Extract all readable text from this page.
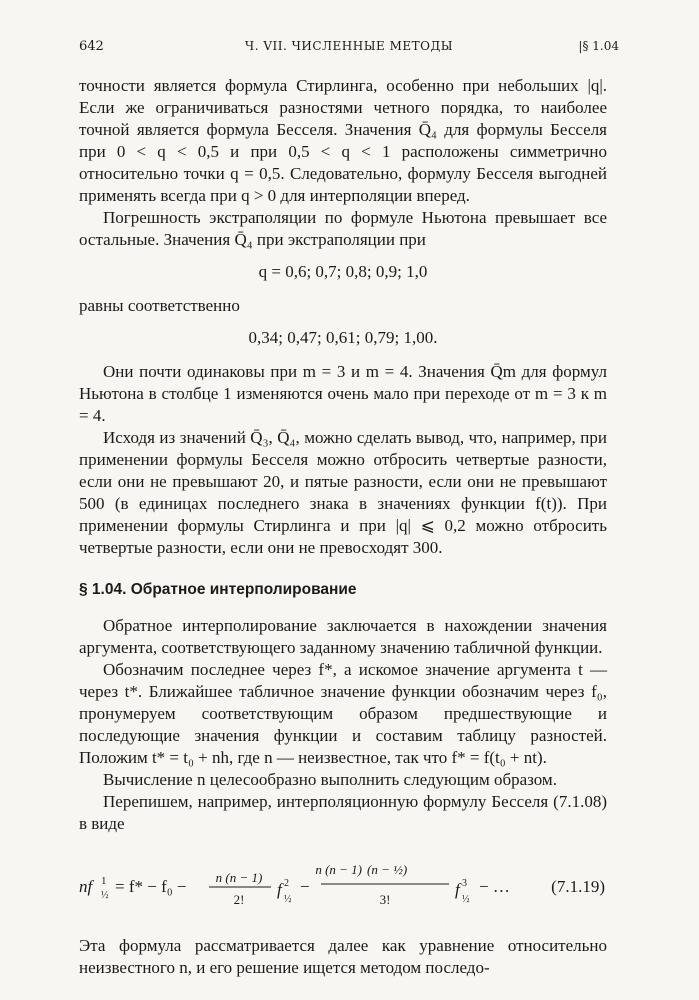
642	Ч. VII. ЧИСЛЕННЫЕ МЕТОДЫ	|§ 1.04

точности является формула Стирлинга, особенно при небольших |q|. Если же ограничиваться разностями четного порядка, то наиболее точной является формула Бесселя. Значения Q̄₄ для формулы Бесселя при 0 < q < 0,5 и при 0,5 < q < 1 расположены симметрично относительно точки q = 0,5. Следовательно, формулу Бесселя выгодней применять всегда при q > 0 для интерполяции вперед.

Погрешность экстраполяции по формуле Ньютона превышает все остальные. Значения Q̄₄ при экстраполяции при

q = 0,6; 0,7; 0,8; 0,9; 1,0

равны соответственно

0,34; 0,47; 0,61; 0,79; 1,00.

Они почти одинаковы при m = 3 и m = 4. Значения Q̄m для формул Ньютона в столбце 1 изменяются очень мало при переходе от m = 3 к m = 4.

Исходя из значений Q̄₃, Q̄₄, можно сделать вывод, что, например, при применении формулы Бесселя можно отбросить четвертые разности, если они не превышают 20, и пятые разности, если они не превышают 500 (в единицах последнего знака в значениях функции f(t)). При применении формулы Стирлинга и при |q| ⩽ 0,2 можно отбросить четвертые разности, если они не превосходят 300.

§ 1.04. Обратное интерполирование

Обратное интерполирование заключается в нахождении значения аргумента, соответствующего заданному значению табличной функции.

Обозначим последнее через f*, а искомое значение аргумента t — через t*. Ближайшее табличное значение функции обозначим через f₀, пронумеруем соответствующим образом предшествующие и последующие значения функции и составим таблицу разностей. Положим t* = t₀ + nh, где n — неизвестное, так что f* = f(t₀ + nt).

Вычисление n целесообразно выполнить следующим образом.

Перепишем, например, интерполяционную формулу Бесселя (7.1.08) в виде

nf 1
½ = f* − f₀ − n (n − 1)
2!
f 2
½
−
n (n − 1) (n − ½)
3!
f 3
½
− … (7.1.19)

Эта формула рассматривается далее как уравнение относительно неизвестного n, и его решение ищется методом последо-
